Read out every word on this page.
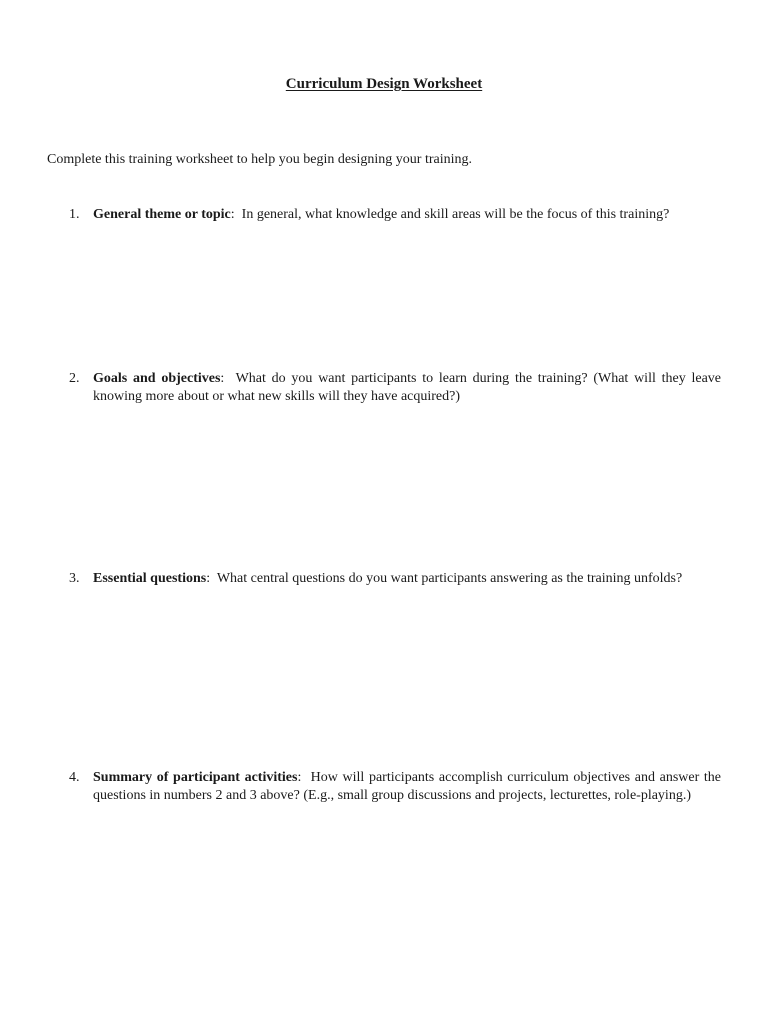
Curriculum Design Worksheet
Complete this training worksheet to help you begin designing your training.
1. General theme or topic:  In general, what knowledge and skill areas will be the focus of this training?
2. Goals and objectives:  What do you want participants to learn during the training? (What will they leave knowing more about or what new skills will they have acquired?)
3. Essential questions:  What central questions do you want participants answering as the training unfolds?
4. Summary of participant activities:  How will participants accomplish curriculum objectives and answer the questions in numbers 2 and 3 above? (E.g., small group discussions and projects, lecturettes, role-playing.)
